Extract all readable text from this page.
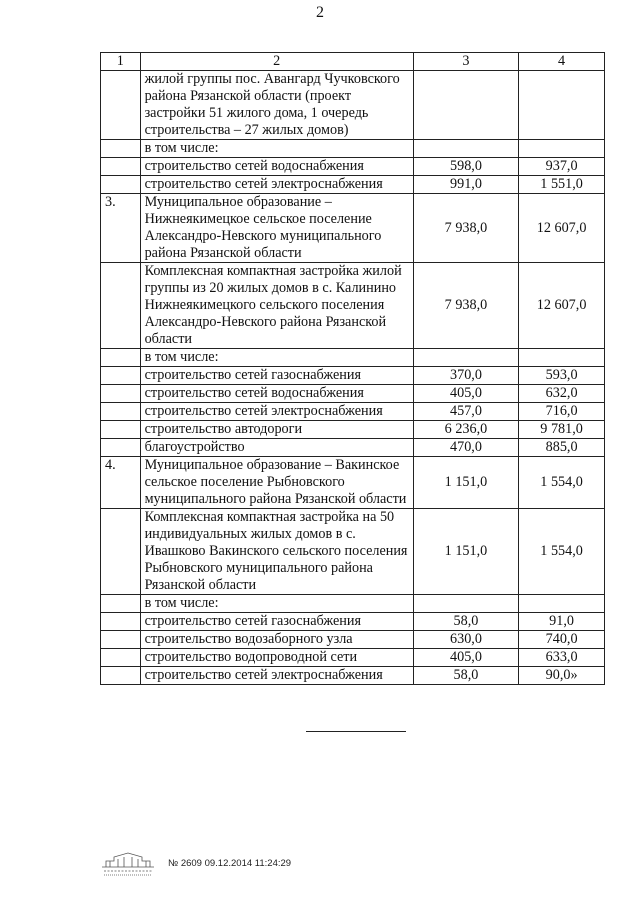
2
1	2	3	4
	жилой группы пос. Авангард Чучковского района Рязанской области (проект застройки 51 жилого дома, 1 очередь строительства – 27 жилых домов)		
	в том числе:		
	строительство сетей водоснабжения	598,0	937,0
	строительство сетей электроснабжения	991,0	1 551,0
3.	Муниципальное образование – Нижнеякимецкое сельское поселение Александро-Невского муниципального района Рязанской области	7 938,0	12 607,0
	Комплексная компактная застройка жилой группы из 20 жилых домов в с. Калинино Нижнеякимецкого сельского поселения Александро-Невского района Рязанской области	7 938,0	12 607,0
	в том числе:		
	строительство сетей газоснабжения	370,0	593,0
	строительство сетей водоснабжения	405,0	632,0
	строительство сетей электроснабжения	457,0	716,0
	строительство автодороги	6 236,0	9 781,0
	благоустройство	470,0	885,0
4.	Муниципальное образование – Вакинское сельское поселение Рыбновского муниципального района Рязанской области	1 151,0	1 554,0
	Комплексная компактная застройка на 50 индивидуальных жилых домов в с. Ивашково Вакинского сельского поселения Рыбновского муниципального района Рязанской области	1 151,0	1 554,0
	в том числе:		
	строительство сетей газоснабжения	58,0	91,0
	строительство водозаборного узла	630,0	740,0
	строительство водопроводной сети	405,0	633,0
	строительство сетей электроснабжения	58,0	90,0»
№ 2609 09.12.2014 11:24:29
